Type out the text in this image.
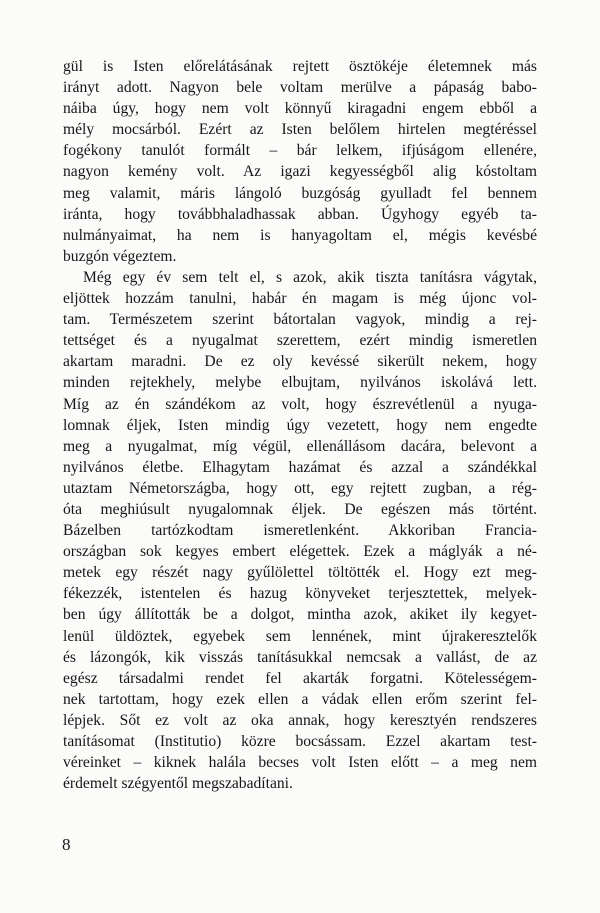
gül is Isten előrelátásának rejtett ösztökéje életemnek más
irányt adott. Nagyon bele voltam merülve a pápaság babo-
náiba úgy, hogy nem volt könnyű kiragadni engem ebből a
mély mocsárból. Ezért az Isten belőlem hirtelen megtéréssel
fogékony tanulót formált – bár lelkem, ifjúságom ellenére,
nagyon kemény volt. Az igazi kegyességből alig kóstoltam
meg valamit, máris lángoló buzgóság gyulladt fel bennem
iránta, hogy továbbhaladhassak abban. Úgyhogy egyéb ta-
nulmányaimat, ha nem is hanyagoltam el, mégis kevésbé
buzgón végeztem.
Még egy év sem telt el, s azok, akik tiszta tanításra vágytak,
eljöttek hozzám tanulni, habár én magam is még újonc vol-
tam. Természetem szerint bátortalan vagyok, mindig a rej-
tettséget és a nyugalmat szerettem, ezért mindig ismeretlen
akartam maradni. De ez oly kevéssé sikerült nekem, hogy
minden rejtekhely, melybe elbujtam, nyilvános iskolává lett.
Míg az én szándékom az volt, hogy észrevétlenül a nyuga-
lomnak éljek, Isten mindig úgy vezetett, hogy nem engedte
meg a nyugalmat, míg végül, ellenállásom dacára, belevont a
nyilvános életbe. Elhagytam hazámat és azzal a szándékkal
utaztam Németországba, hogy ott, egy rejtett zugban, a rég-
óta meghiúsult nyugalomnak éljek. De egészen más történt.
Bázelben tartózkodtam ismeretlenként. Akkoriban Francia-
országban sok kegyes embert elégettek. Ezek a máglyák a né-
metek egy részét nagy gyűlölettel töltötték el. Hogy ezt meg-
fékezzék, istentelen és hazug könyveket terjesztettek, melyek-
ben úgy állították be a dolgot, mintha azok, akiket ily kegyet-
lenül üldöztek, egyebek sem lennének, mint újrakeresztelők
és lázongók, kik visszás tanításukkal nemcsak a vallást, de az
egész társadalmi rendet fel akarták forgatni. Kötelességem-
nek tartottam, hogy ezek ellen a vádak ellen erőm szerint fel-
lépjek. Sőt ez volt az oka annak, hogy keresztyén rendszeres
tanításomat (Institutio) közre bocsássam. Ezzel akartam test-
véreinket – kiknek halála becses volt Isten előtt – a meg nem
érdemelt szégyentől megszabadítani.
8
